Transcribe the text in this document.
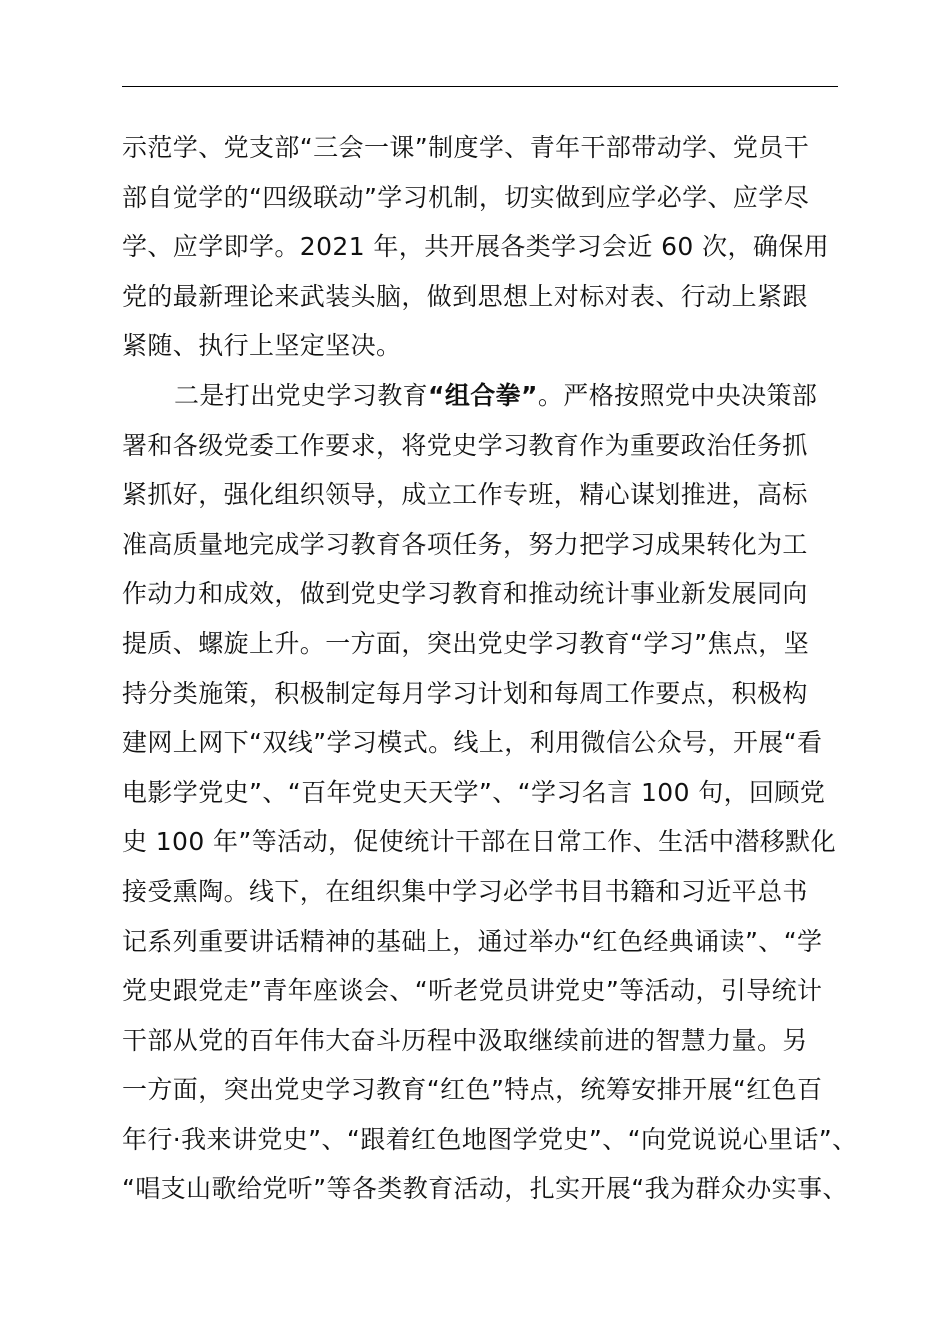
示范学、党支部“三会一课”制度学、青年干部带动学、党员干
部自觉学的“四级联动”学习机制，切实做到应学必学、应学尽
学、应学即学。2021 年，共开展各类学习会近 60 次，确保用
党的最新理论来武装头脑，做到思想上对标对表、行动上紧跟
紧随、执行上坚定坚决。
二是打出党史学习教育“组合拳”。严格按照党中央决策部
署和各级党委工作要求，将党史学习教育作为重要政治任务抓
紧抓好，强化组织领导，成立工作专班，精心谋划推进，高标
准高质量地完成学习教育各项任务，努力把学习成果转化为工
作动力和成效，做到党史学习教育和推动统计事业新发展同向
提质、螺旋上升。一方面，突出党史学习教育“学习”焦点，坚
持分类施策，积极制定每月学习计划和每周工作要点，积极构
建网上网下“双线”学习模式。线上，利用微信公众号，开展“看
电影学党史”、“百年党史天天学”、“学习名言 100 句，回顾党
史 100 年”等活动，促使统计干部在日常工作、生活中潜移默化
接受熏陶。线下，在组织集中学习必学书目书籍和习近平总书
记系列重要讲话精神的基础上，通过举办“红色经典诵读”、“学
党史跟党走”青年座谈会、“听老党员讲党史”等活动，引导统计
干部从党的百年伟大奋斗历程中汲取继续前进的智慧力量。另
一方面，突出党史学习教育“红色”特点，统筹安排开展“红色百
年行·我来讲党史”、“跟着红色地图学党史”、“向党说说心里话”、
“唱支山歌给党听”等各类教育活动，扎实开展“我为群众办实事、
